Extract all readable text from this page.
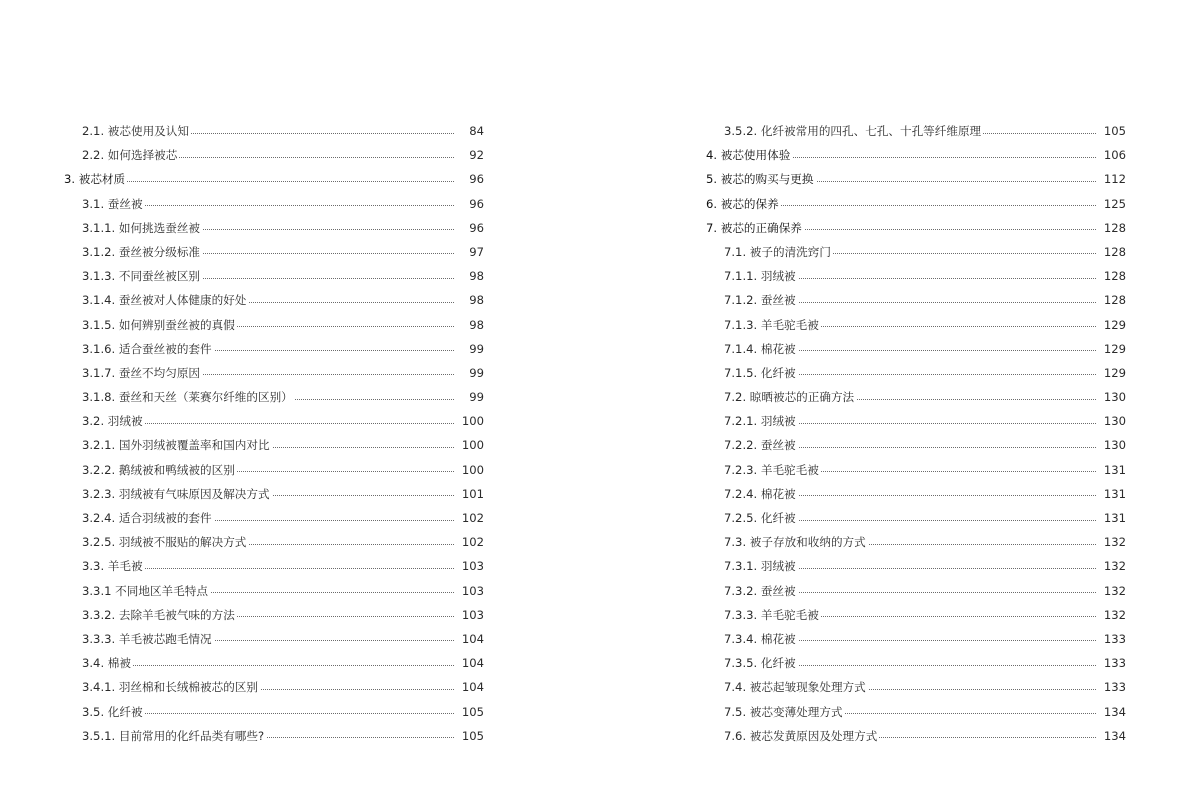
2.1. 被芯使用及认知	84
2.2. 如何选择被芯	92
3. 被芯材质	96
3.1. 蚕丝被	96
3.1.1. 如何挑选蚕丝被	96
3.1.2. 蚕丝被分级标准	97
3.1.3. 不同蚕丝被区别	98
3.1.4. 蚕丝被对人体健康的好处	98
3.1.5. 如何辨别蚕丝被的真假	98
3.1.6. 适合蚕丝被的套件	99
3.1.7. 蚕丝不均匀原因	99
3.1.8. 蚕丝和天丝（莱赛尔纤维的区别）	99
3.2. 羽绒被	100
3.2.1. 国外羽绒被覆盖率和国内对比	100
3.2.2. 鹅绒被和鸭绒被的区别	100
3.2.3. 羽绒被有气味原因及解决方式	101
3.2.4. 适合羽绒被的套件	102
3.2.5. 羽绒被不服贴的解决方式	102
3.3. 羊毛被	103
3.3.1 不同地区羊毛特点	103
3.3.2. 去除羊毛被气味的方法	103
3.3.3. 羊毛被芯跑毛情况	104
3.4. 棉被	104
3.4.1. 羽丝棉和长绒棉被芯的区别	104
3.5. 化纤被	105
3.5.1. 目前常用的化纤品类有哪些?	105
3.5.2. 化纤被常用的四孔、七孔、十孔等纤维原理	105
4. 被芯使用体验	106
5. 被芯的购买与更换	112
6. 被芯的保养	125
7. 被芯的正确保养	128
7.1. 被子的清洗窍门	128
7.1.1. 羽绒被	128
7.1.2. 蚕丝被	128
7.1.3. 羊毛驼毛被	129
7.1.4. 棉花被	129
7.1.5. 化纤被	129
7.2. 晾晒被芯的正确方法	130
7.2.1. 羽绒被	130
7.2.2. 蚕丝被	130
7.2.3. 羊毛驼毛被	131
7.2.4. 棉花被	131
7.2.5. 化纤被	131
7.3. 被子存放和收纳的方式	132
7.3.1. 羽绒被	132
7.3.2. 蚕丝被	132
7.3.3. 羊毛驼毛被	132
7.3.4. 棉花被	133
7.3.5. 化纤被	133
7.4. 被芯起皱现象处理方式	133
7.5. 被芯变薄处理方式	134
7.6. 被芯发黄原因及处理方式	134
